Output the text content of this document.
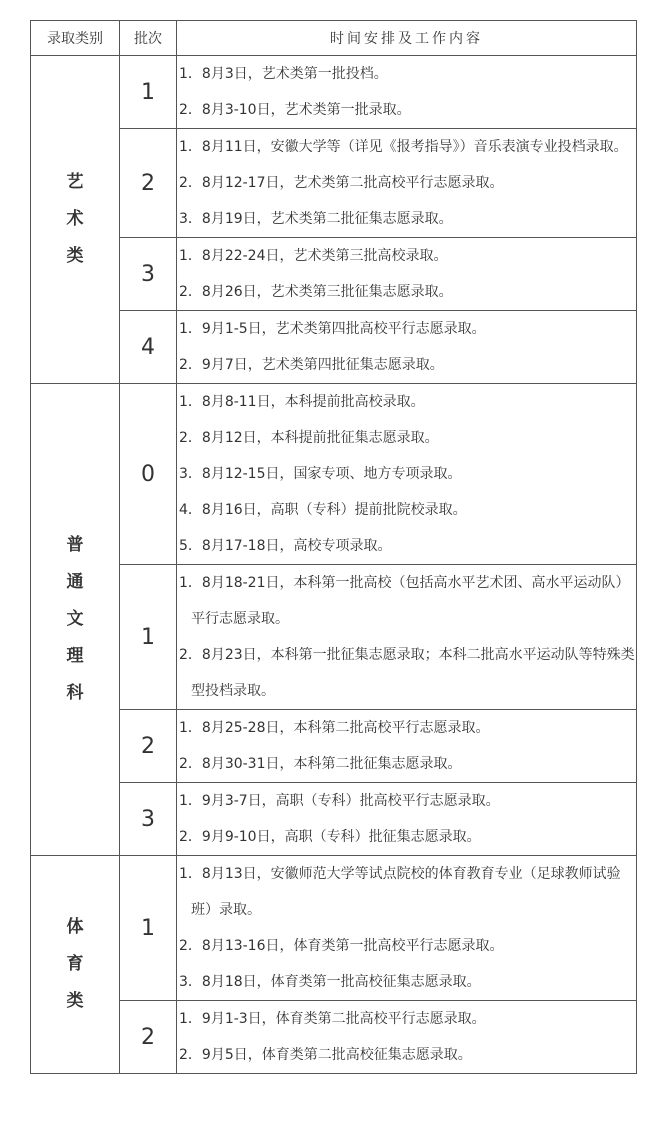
录取类别	批次	时间安排及工作内容
艺术类	1	1．8月3日，艺术类第一批投档。
2．8月3-10日，艺术类第一批录取。

	2	1．8月11日，安徽大学等（详见《报考指导》）音乐表演专业投档录取。
2．8月12-17日，艺术类第二批高校平行志愿录取。
3．8月19日，艺术类第二批征集志愿录取。

	3	1．8月22-24日，艺术类第三批高校录取。
2．8月26日，艺术类第三批征集志愿录取。

	4	1．9月1-5日，艺术类第四批高校平行志愿录取。
2．9月7日，艺术类第四批征集志愿录取。

普通文理科	0	1．8月8-11日，本科提前批高校录取。
2．8月12日，本科提前批征集志愿录取。
3．8月12-15日，国家专项、地方专项录取。
4．8月16日，高职（专科）提前批院校录取。
5．8月17-18日，高校专项录取。

	1	1．8月18-21日，本科第一批高校（包括高水平艺术团、高水平运动队）平行志愿录取。
2．8月23日，本科第一批征集志愿录取；本科二批高水平运动队等特殊类型投档录取。

	2	1．8月25-28日，本科第二批高校平行志愿录取。
2．8月30-31日，本科第二批征集志愿录取。

	3	1．9月3-7日，高职（专科）批高校平行志愿录取。
2．9月9-10日，高职（专科）批征集志愿录取。

体育类	1	1．8月13日，安徽师范大学等试点院校的体育教育专业（足球教师试验班）录取。
2．8月13-16日，体育类第一批高校平行志愿录取。
3．8月18日，体育类第一批高校征集志愿录取。

	2	1．9月1-3日，体育类第二批高校平行志愿录取。
2．9月5日，体育类第二批高校征集志愿录取。
